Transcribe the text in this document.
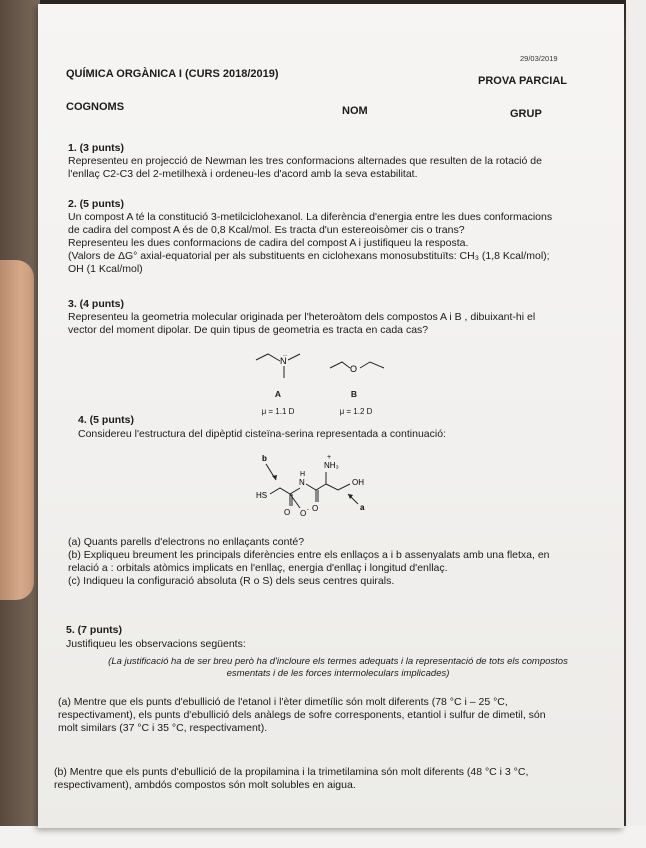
29/03/2019
QUÍMICA ORGÀNICA I (CURS 2018/2019)
PROVA PARCIAL
COGNOMS	NOM	GRUP
1. (3 punts)
Representeu en projecció de Newman les tres conformacions alternades que resulten de la rotació de
l'enllaç C2-C3 del 2-metilhexà i ordeneu-les d'acord amb la seva estabilitat.
2. (5 punts)
Un compost A té la constitució 3-metilciclohexanol. La diferència d'energia entre les dues conformacions
de cadira del compost A és de 0,8 Kcal/mol. Es tracta d'un estereoisòmer cis o trans?
Representeu les dues conformacions de cadira del compost A i justifiqueu la resposta.
(Valors de ΔG° axial-equatorial per als substituents en ciclohexans monosubstituïts: CH₃ (1,8 Kcal/mol);
OH (1 Kcal/mol)
3. (4 punts)
Representeu la geometria molecular originada per l'heteroàtom dels compostos A i B , dibuixant-hi el
vector del moment dipolar. De quin tipus de geometria es tracta en cada cas?
N
..
A
μ = 1.1 D
O
B
μ = 1.2 D
4. (5 punts)
Considereu l'estructura del dipèptid cisteïna-serina representada a continuació:
b
HS
O O -
N
H
O
NH₃
+
OH
a
(a) Quants parells d'electrons no enllaçants conté?
(b) Expliqueu breument les principals diferències entre els enllaços a i b assenyalats amb una fletxa, en
relació a : orbitals atòmics implicats en l'enllaç, energia d'enllaç i longitud d'enllaç.
(c) Indiqueu la configuració absoluta (R o S) dels seus centres quirals.
5. (7 punts)
Justifiqueu les observacions següents:
(La justificació ha de ser breu però ha d'incloure els termes adequats i la representació de tots els compostos
esmentats i de les forces intermoleculars implicades)
(a) Mentre que els punts d'ebullició de l'etanol i l'èter dimetílic són molt diferents (78 °C i – 25 °C,
respectivament), els punts d'ebullició dels anàlegs de sofre corresponents, etantiol i sulfur de dimetil, són
molt similars (37 °C i 35 °C, respectivament).
(b) Mentre que els punts d'ebullició de la propilamina i la trimetilamina són molt diferents (48 °C i 3 °C,
respectivament), ambdós compostos són molt solubles en aigua.
